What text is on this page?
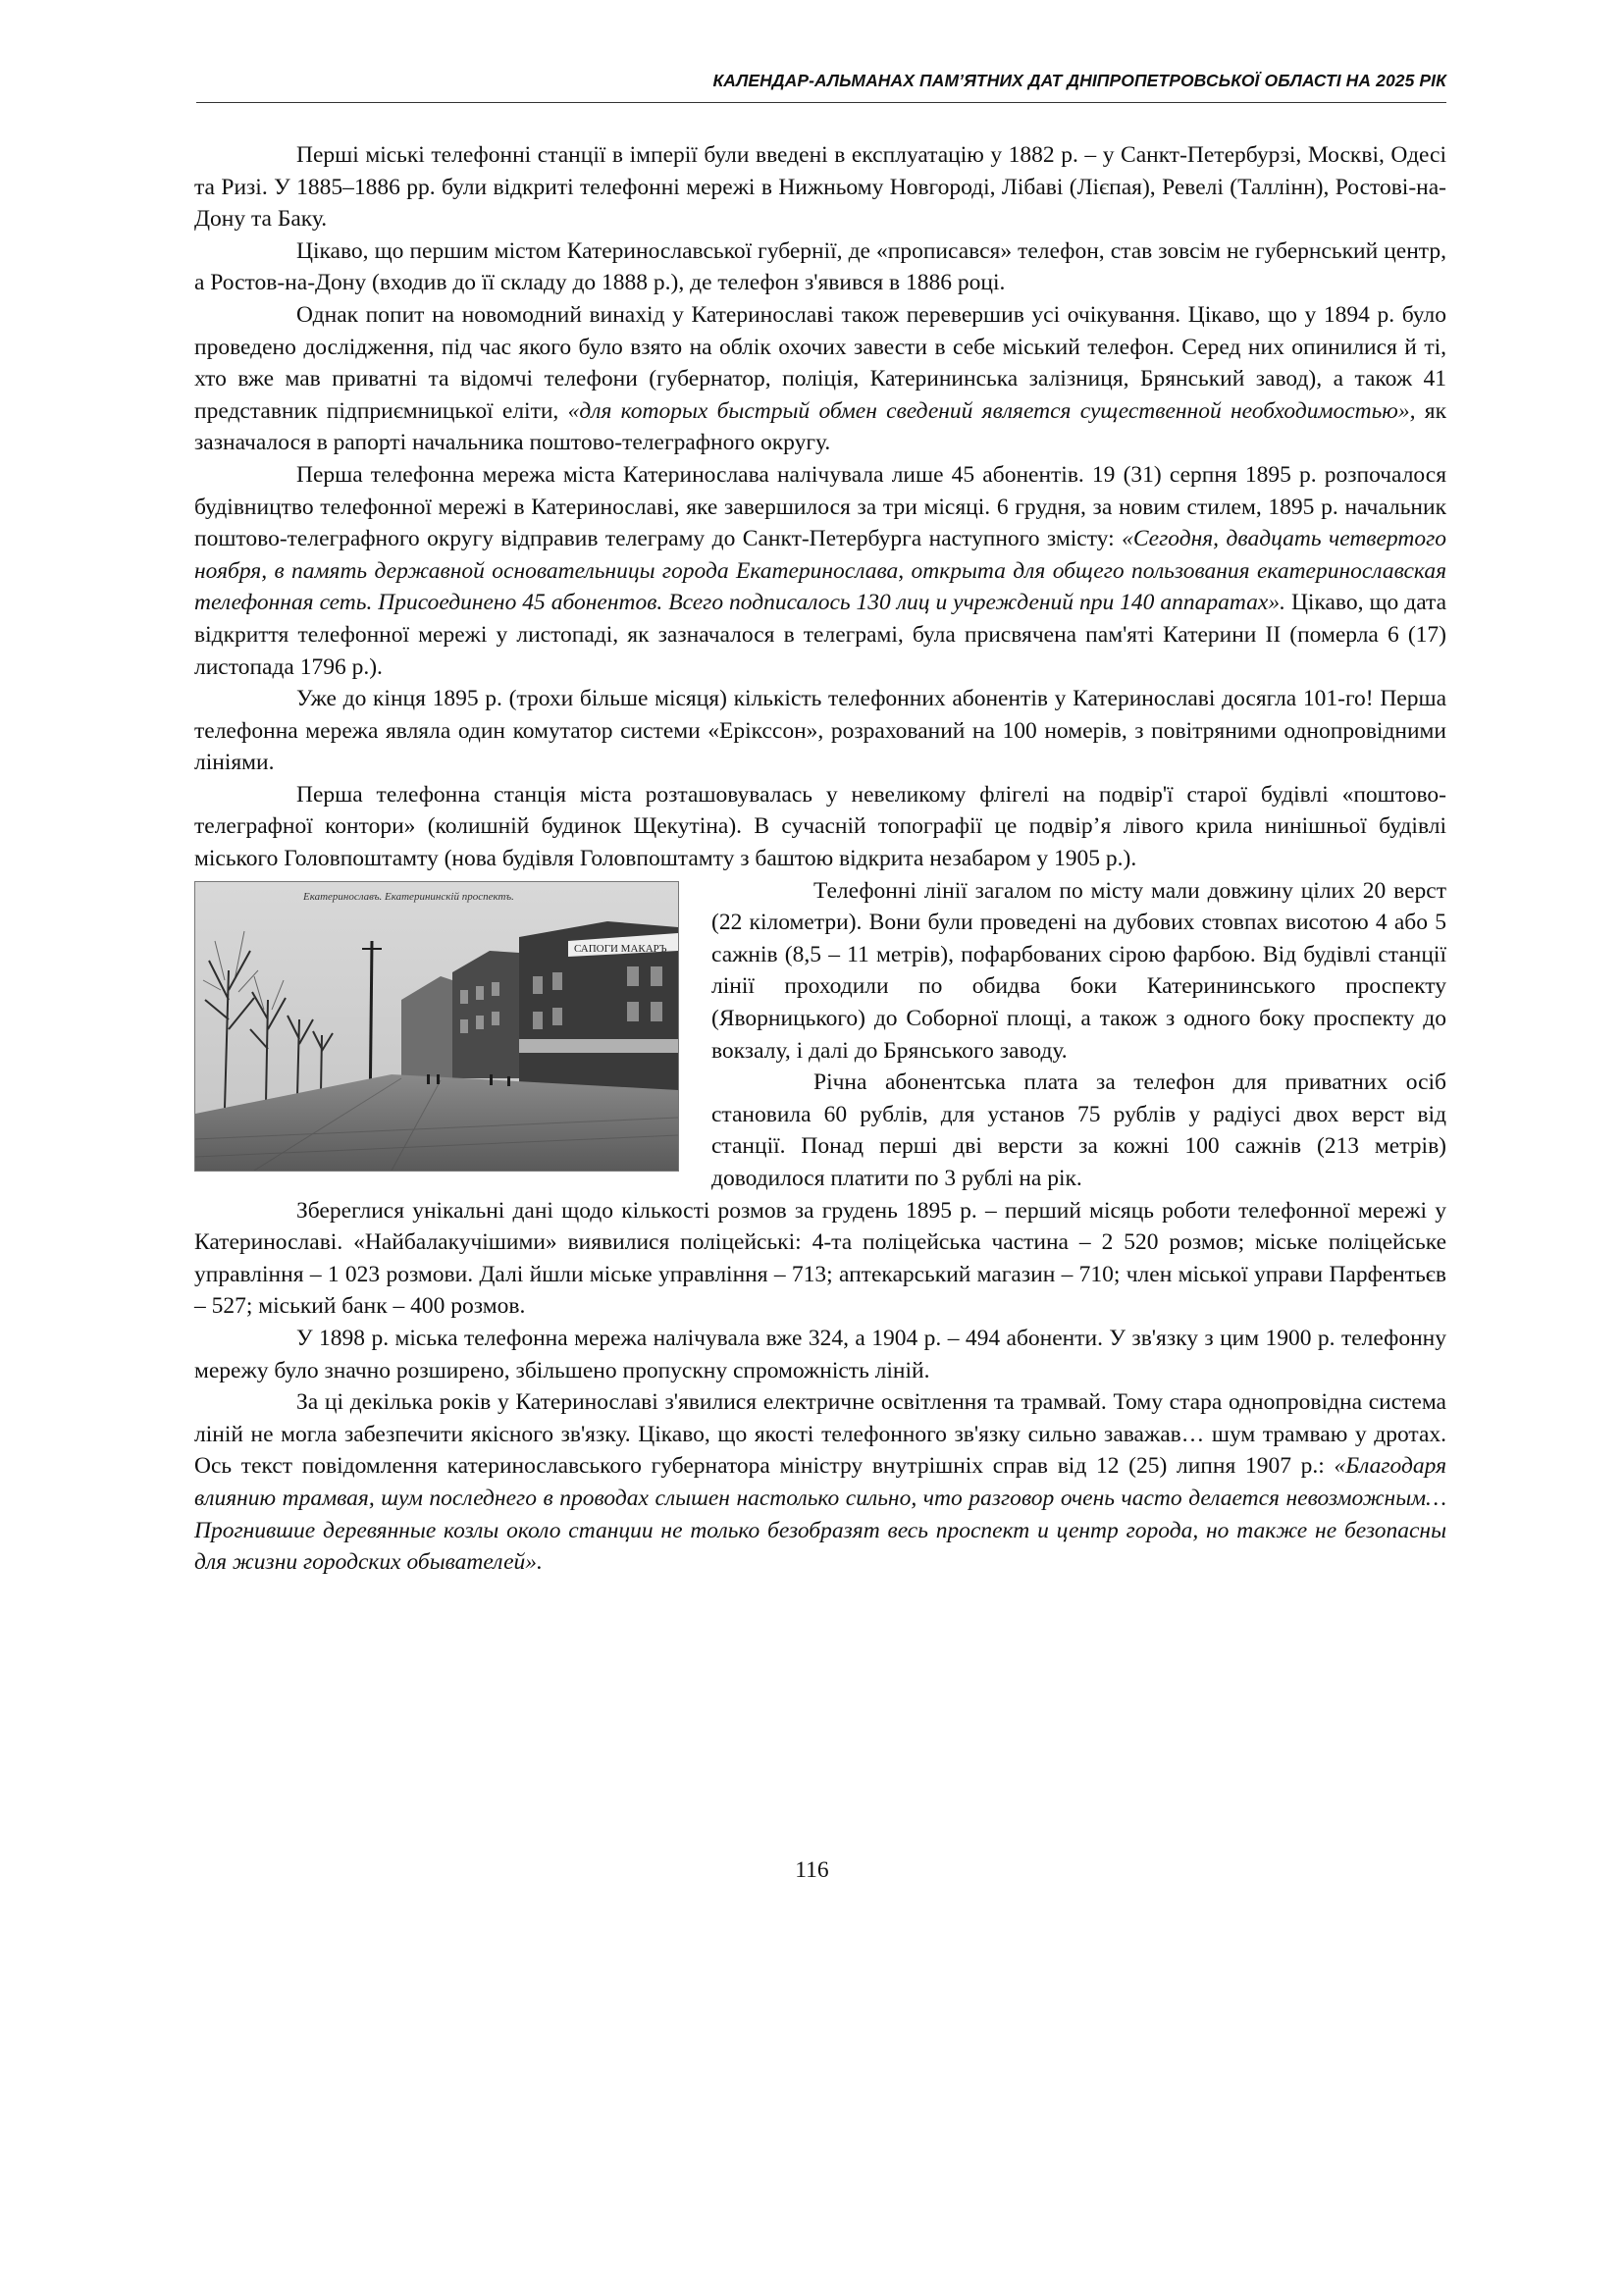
КАЛЕНДАР-АЛЬМАНАХ ПАМ’ЯТНИХ ДАТ ДНІПРОПЕТРОВСЬКОЇ ОБЛАСТІ НА 2025 РІК

Перші міські телефонні станції в імперії були введені в експлуатацію у 1882 р. – у Санкт-Петербурзі, Москві, Одесі та Ризі. У 1885–1886 рр. були відкриті телефонні мережі в Нижньому Новгороді, Лібаві (Лієпая), Ревелі (Таллінн), Ростові-на-Дону та Баку.

Цікаво, що першим містом Катеринославської губернії, де «прописався» телефон, став зовсім не губернський центр, а Ростов-на-Дону (входив до її складу до 1888 р.), де телефон з'явився в 1886 році.

Однак попит на новомодний винахід у Катеринославі також перевершив усі очікування. Цікаво, що у 1894 р. було проведено дослідження, під час якого було взято на облік охочих завести в себе міський телефон. Серед них опинилися й ті, хто вже мав приватні та відомчі телефони (губернатор, поліція, Катерининська залізниця, Брянський завод), а також 41 представник підприємницької еліти, «для которых быстрый обмен сведений является существенной необходимостью», як зазначалося в рапорті начальника поштово-телеграфного округу.

Перша телефонна мережа міста Катеринослава налічувала лише 45 абонентів. 19 (31) серпня 1895 р. розпочалося будівництво телефонної мережі в Катеринославі, яке завершилося за три місяці. 6 грудня, за новим стилем, 1895 р. начальник поштово-телеграфного округу відправив телеграму до Санкт-Петербурга наступного змісту: «Сегодня, двадцать четвертого ноября, в память державной основательницы города Екатеринослава, открыта для общего пользования екатеринославская телефонная сеть. Присоединено 45 абонентов. Всего подписалось 130 лиц и учреждений при 140 аппаратах». Цікаво, що дата відкриття телефонної мережі у листопаді, як зазначалося в телеграмі, була присвячена пам'яті Катерини ІІ (померла 6 (17) листопада 1796 р.).

Уже до кінця 1895 р. (трохи більше місяця) кількість телефонних абонентів у Катеринославі досягла 101-го! Перша телефонна мережа являла один комутатор системи «Ерікссон», розрахований на 100 номерів, з повітряними однопровідними лініями.

Перша телефонна станція міста розташовувалась у невеликому флігелі на подвір'ї старої будівлі «поштово-телеграфної контори» (колишній будинок Щекутіна). В сучасній топографії це подвір’я лівого крила нинішньої будівлі міського Головпоштамту (нова будівля Головпоштамту з баштою відкрита незабаром у 1905 р.).

САПОГИ МАКАРЪ
Екатеринославъ. Екатерининскій проспектъ.	Телефонні лінії загалом по місту мали довжину цілих 20 верст (22 кілометри). Вони були проведені на дубових стовпах висотою 4 або 5 сажнів (8,5 – 11 метрів), пофарбованих сірою фарбою. Від будівлі станції лінії проходили по обидва боки Катерининського проспекту (Яворницького) до Соборної площі, а також з одного боку проспекту до вокзалу, і далі до Брянського заводу.

Річна абонентська плата за телефон для приватних осіб становила 60 рублів, для установ 75 рублів у радіусі двох верст від станції. Понад перші дві версти за кожні 100 сажнів (213 метрів) доводилося платити по 3 рублі на рік.

Збереглися унікальні дані щодо кількості розмов за грудень 1895 р. – перший місяць роботи телефонної мережі у Катеринославі. «Найбалакучішими» виявилися поліцейські: 4-та поліцейська частина – 2 520 розмов; міське поліцейське управління – 1 023 розмови. Далі йшли міське управління – 713; аптекарський магазин – 710; член міської управи Парфентьєв – 527; міський банк – 400 розмов.

У 1898 р. міська телефонна мережа налічувала вже 324, а 1904 р. – 494 абоненти. У зв'язку з цим 1900 р. телефонну мережу було значно розширено, збільшено пропускну спроможність ліній.

За ці декілька років у Катеринославі з'явилися електричне освітлення та трамвай. Тому стара однопровідна система ліній не могла забезпечити якісного зв'язку. Цікаво, що якості телефонного зв'язку сильно заважав… шум трамваю у дротах. Ось текст повідомлення катеринославського губернатора міністру внутрішніх справ від 12 (25) липня 1907 р.: «Благодаря влиянию трамвая, шум последнего в проводах слышен настолько сильно, что разговор очень часто делается невозможным… Прогнившие деревянные козлы около станции не только безобразят весь проспект и центр города, но также не безопасны для жизни городских обывателей».

116
